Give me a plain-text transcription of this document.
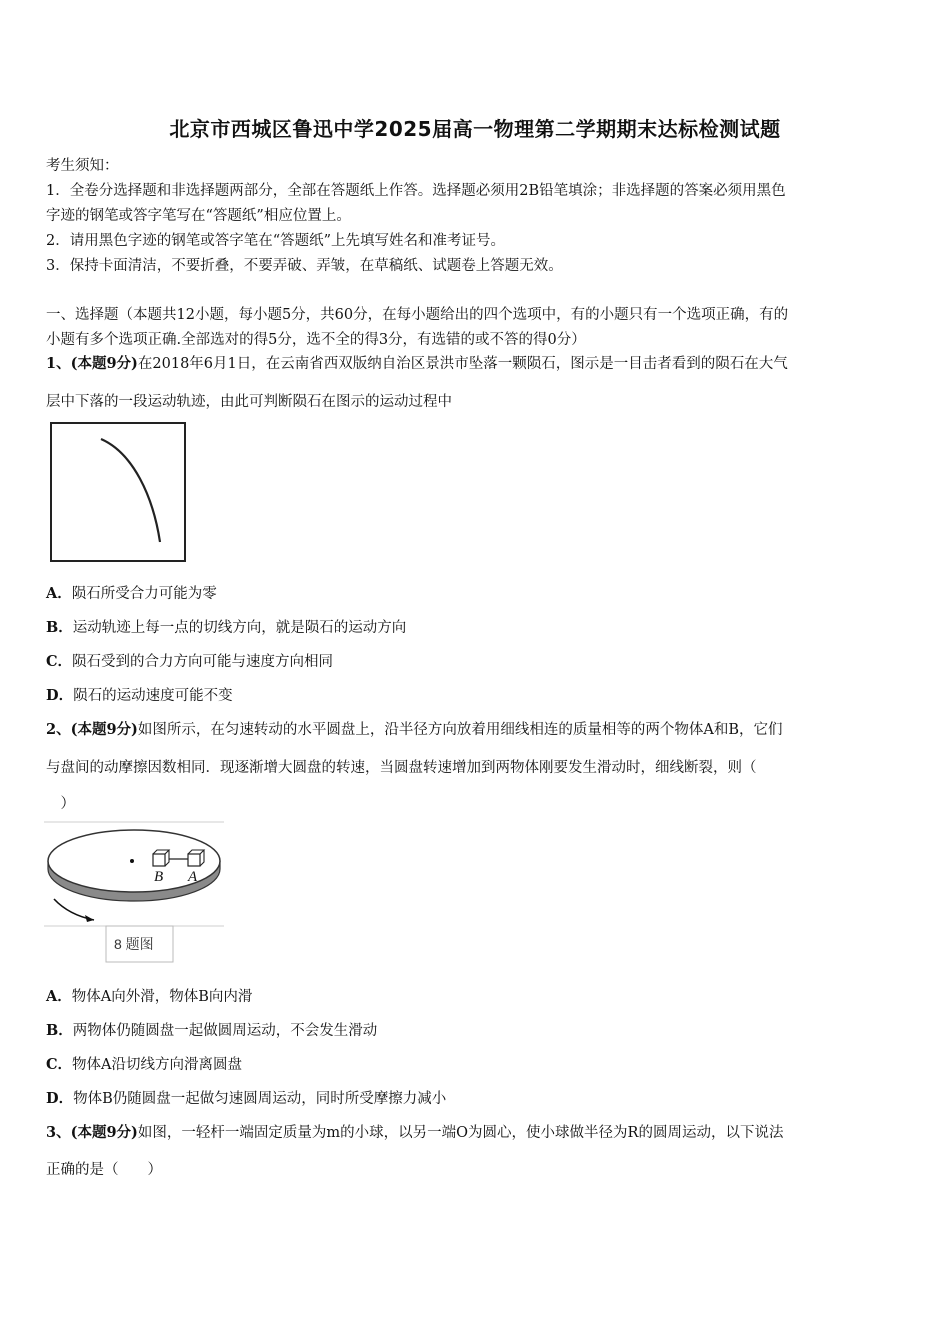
北京市西城区鲁迅中学2025届高一物理第二学期期末达标检测试题
考生须知：
1．全卷分选择题和非选择题两部分，全部在答题纸上作答。选择题必须用2B铅笔填涂；非选择题的答案必须用黑色
字迹的钢笔或答字笔写在“答题纸”相应位置上。
2．请用黑色字迹的钢笔或答字笔在“答题纸”上先填写姓名和准考证号。
3．保持卡面清洁，不要折叠，不要弄破、弄皱，在草稿纸、试题卷上答题无效。
一、选择题（本题共12小题，每小题5分，共60分，在每小题给出的四个选项中，有的小题只有一个选项正确，有的
小题有多个选项正确.全部选对的得5分，选不全的得3分，有选错的或不答的得0分）
1、(本题9分)在2018年6月1日，在云南省西双版纳自治区景洪市坠落一颗陨石，图示是一目击者看到的陨石在大气
层中下落的一段运动轨迹，由此可判断陨石在图示的运动过程中
A．陨石所受合力可能为零
B．运动轨迹上每一点的切线方向，就是陨石的运动方向
C．陨石受到的合力方向可能与速度方向相同
D．陨石的运动速度可能不变
2、(本题9分)如图所示，在匀速转动的水平圆盘上，沿半径方向放着用细线相连的质量相等的两个物体A和B，它们
与盘间的动摩擦因数相同．现逐渐增大圆盘的转速，当圆盘转速增加到两物体刚要发生滑动时，细线断裂，则（
　）
B A
8 题图
A．物体A向外滑，物体B向内滑
B．两物体仍随圆盘一起做圆周运动，不会发生滑动
C．物体A沿切线方向滑离圆盘
D．物体B仍随圆盘一起做匀速圆周运动，同时所受摩擦力减小
3、(本题9分)如图，一轻杆一端固定质量为m的小球，以另一端O为圆心，使小球做半径为R的圆周运动，以下说法
正确的是（　　）
